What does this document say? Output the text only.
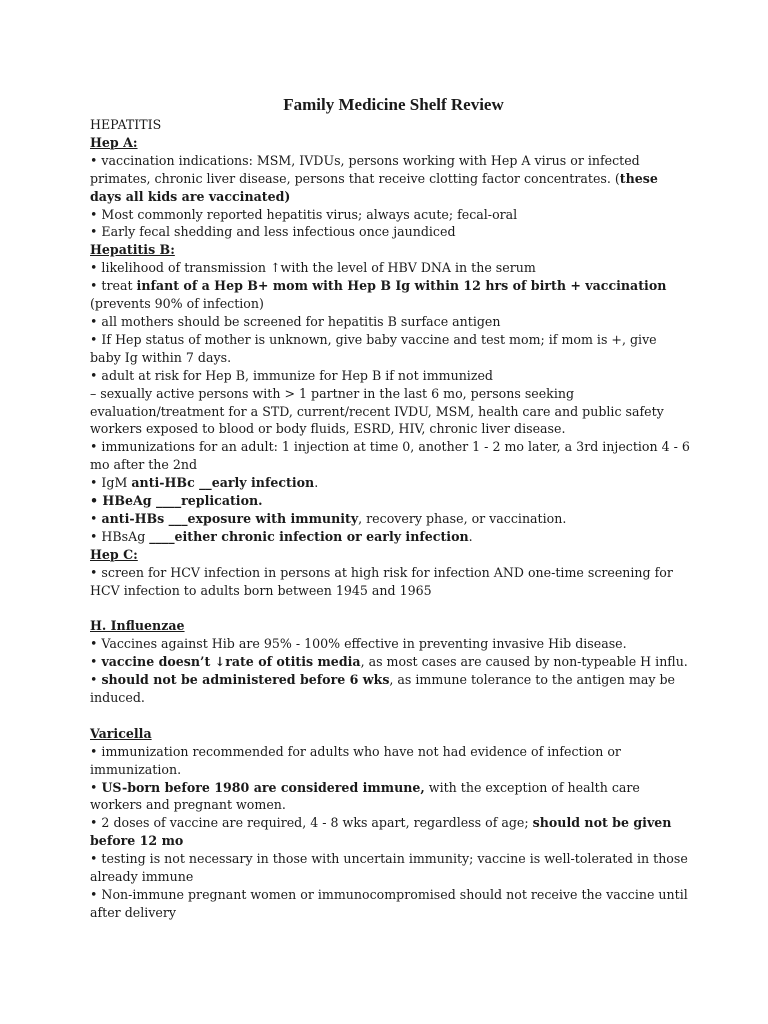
Family Medicine Shelf Review
HEPATITIS
Hep A:
• vaccination indications: MSM, IVDUs, persons working with Hep A virus or infected primates, chronic liver disease, persons that receive clotting factor concentrates. (these days all kids are vaccinated)
• Most commonly reported hepatitis virus; always acute; fecal-oral
• Early fecal shedding and less infectious once jaundiced
Hepatitis B:
• likelihood of transmission ↑with the level of HBV DNA in the serum
• treat infant of a Hep B+ mom with Hep B Ig within 12 hrs of birth + vaccination (prevents 90% of infection)
• all mothers should be screened for hepatitis B surface antigen
• If Hep status of mother is unknown, give baby vaccine and test mom; if mom is +, give baby Ig within 7 days.
• adult at risk for Hep B, immunize for Hep B if not immunized
– sexually active persons with > 1 partner in the last 6 mo, persons seeking evaluation/treatment for a STD, current/recent IVDU, MSM, health care and public safety workers exposed to blood or body fluids, ESRD, HIV, chronic liver disease.
• immunizations for an adult: 1 injection at time 0, another 1 - 2 mo later, a 3rd injection 4 - 6 mo after the 2nd
• IgM anti-HBc __early infection.
• HBeAg ____replication.
• anti-HBs ___exposure with immunity, recovery phase, or vaccination.
• HBsAg ____either chronic infection or early infection.
Hep C:
• screen for HCV infection in persons at high risk for infection AND one-time screening for HCV infection to adults born between 1945 and 1965
H. Influenzae
• Vaccines against Hib are 95% - 100% effective in preventing invasive Hib disease.
• vaccine doesn’t ↓rate of otitis media, as most cases are caused by non-typeable H influ.
• should not be administered before 6 wks, as immune tolerance to the antigen may be induced.
Varicella
• immunization recommended for adults who have not had evidence of infection or immunization.
• US-born before 1980 are considered immune, with the exception of health care workers and pregnant women.
• 2 doses of vaccine are required, 4 - 8 wks apart, regardless of age; should not be given before 12 mo
• testing is not necessary in those with uncertain immunity; vaccine is well-tolerated in those already immune
• Non-immune pregnant women or immunocompromised should not receive the vaccine until after delivery
